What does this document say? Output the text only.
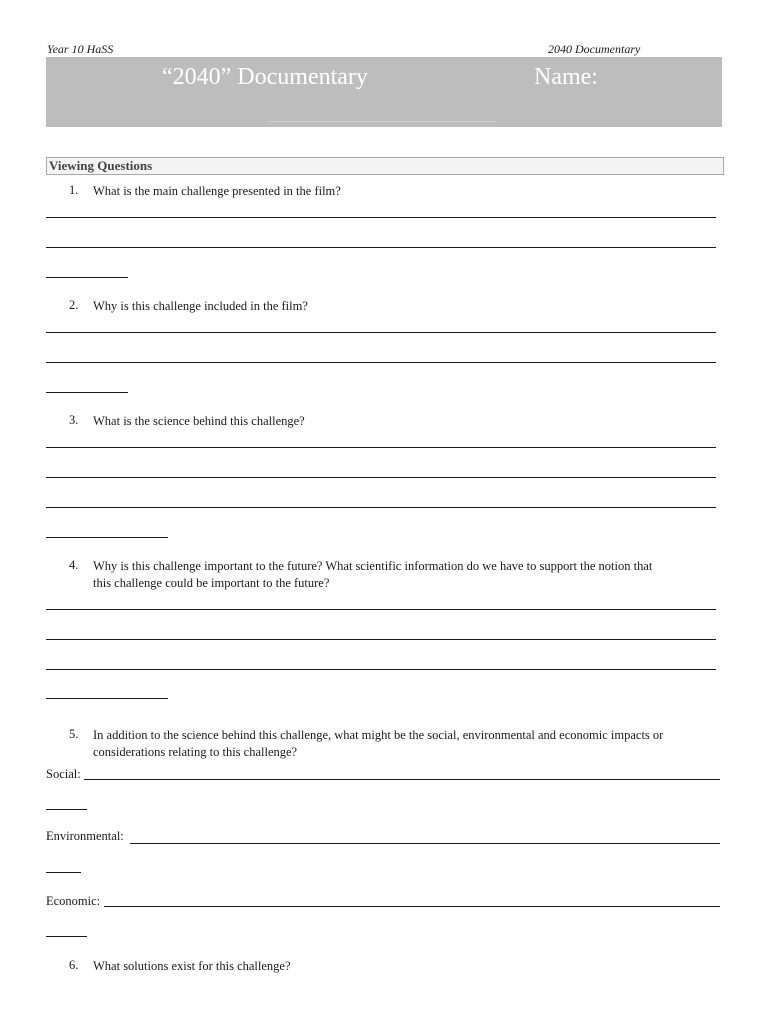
Year 10 HaSS	2040 Documentary
“2040” Documentary	Name:
Viewing Questions
1. What is the main challenge presented in the film?
2. Why is this challenge included in the film?
3. What is the science behind this challenge?
4. Why is this challenge important to the future? What scientific information do we have to support the notion that
this challenge could be important to the future?
5. In addition to the science behind this challenge, what might be the social, environmental and economic impacts or
considerations relating to this challenge?
Social:
Environmental:
Economic:
6. What solutions exist for this challenge?
